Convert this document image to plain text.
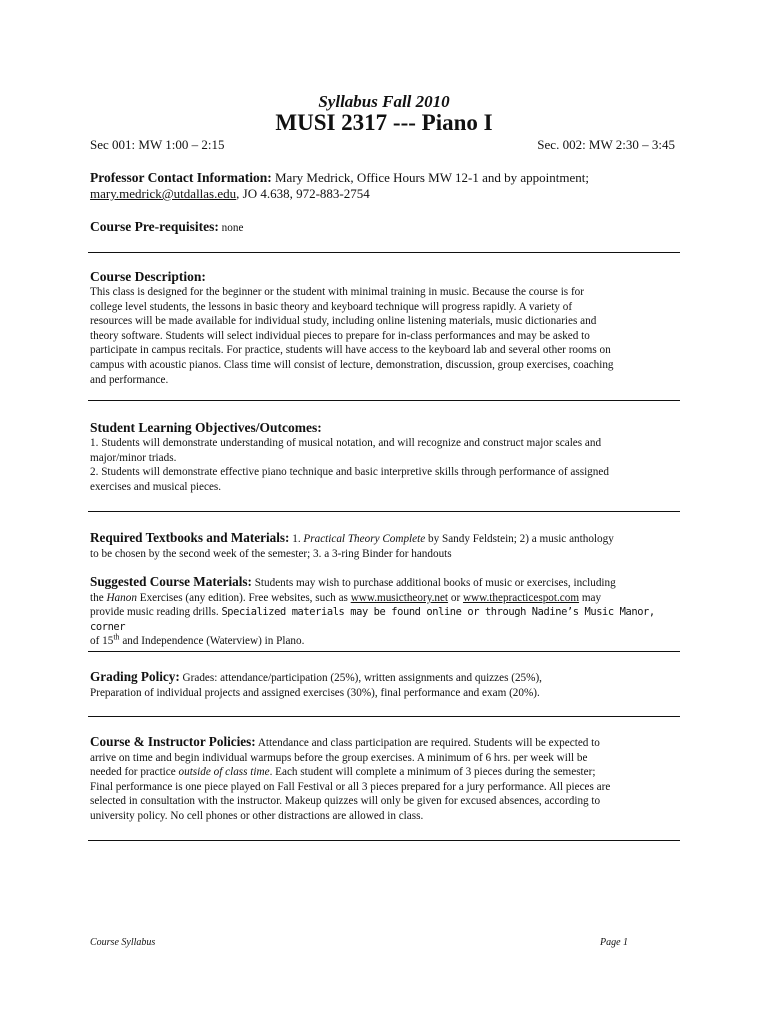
Syllabus Fall 2010
MUSI 2317 --- Piano I
Sec 001: MW 1:00 – 2:15	Sec. 002: MW 2:30 – 3:45

Professor Contact Information: Mary Medrick, Office Hours MW 12-1 and by appointment;

mary.medrick@utdallas.edu, JO 4.638, 972-883-2754

Course Pre-requisites: none

Course Description:

This class is designed for the beginner or the student with minimal training in music. Because the course is for
college level students, the lessons in basic theory and keyboard technique will progress rapidly. A variety of
resources will be made available for individual study, including online listening materials, music dictionaries and
theory software. Students will select individual pieces to prepare for in-class performances and may be asked to
participate in campus recitals. For practice, students will have access to the keyboard lab and several other rooms on
campus with acoustic pianos. Class time will consist of lecture, demonstration, discussion, group exercises, coaching
and performance.

Student Learning Objectives/Outcomes:

1. Students will demonstrate understanding of musical notation, and will recognize and construct major scales and
major/minor triads.
2. Students will demonstrate effective piano technique and basic interpretive skills through performance of assigned
exercises and musical pieces.

Required Textbooks and Materials: 1. Practical Theory Complete by Sandy Feldstein; 2) a music anthology

to be chosen by the second week of the semester; 3. a 3-ring Binder for handouts

Suggested Course Materials: Students may wish to purchase additional books of music or exercises, including

the Hanon Exercises (any edition). Free websites, such as www.musictheory.net or www.thepracticespot.com may

provide music reading drills. Specialized materials may be found online or through Nadine’s Music Manor, corner

of 15th and Independence (Waterview) in Plano.

Grading Policy: Grades: attendance/participation (25%), written assignments and quizzes (25%),

Preparation of individual projects and assigned exercises (30%), final performance and exam (20%).

Course & Instructor Policies: Attendance and class participation are required. Students will be expected to

arrive on time and begin individual warmups before the group exercises. A minimum of 6 hrs. per week will be
needed for practice outside of class time. Each student will complete a minimum of 3 pieces during the semester;
Final performance is one piece played on Fall Festival or all 3 pieces prepared for a jury performance. All pieces are
selected in consultation with the instructor. Makeup quizzes will only be given for excused absences, according to
university policy. No cell phones or other distractions are allowed in class.
Course Syllabus	Page 1
